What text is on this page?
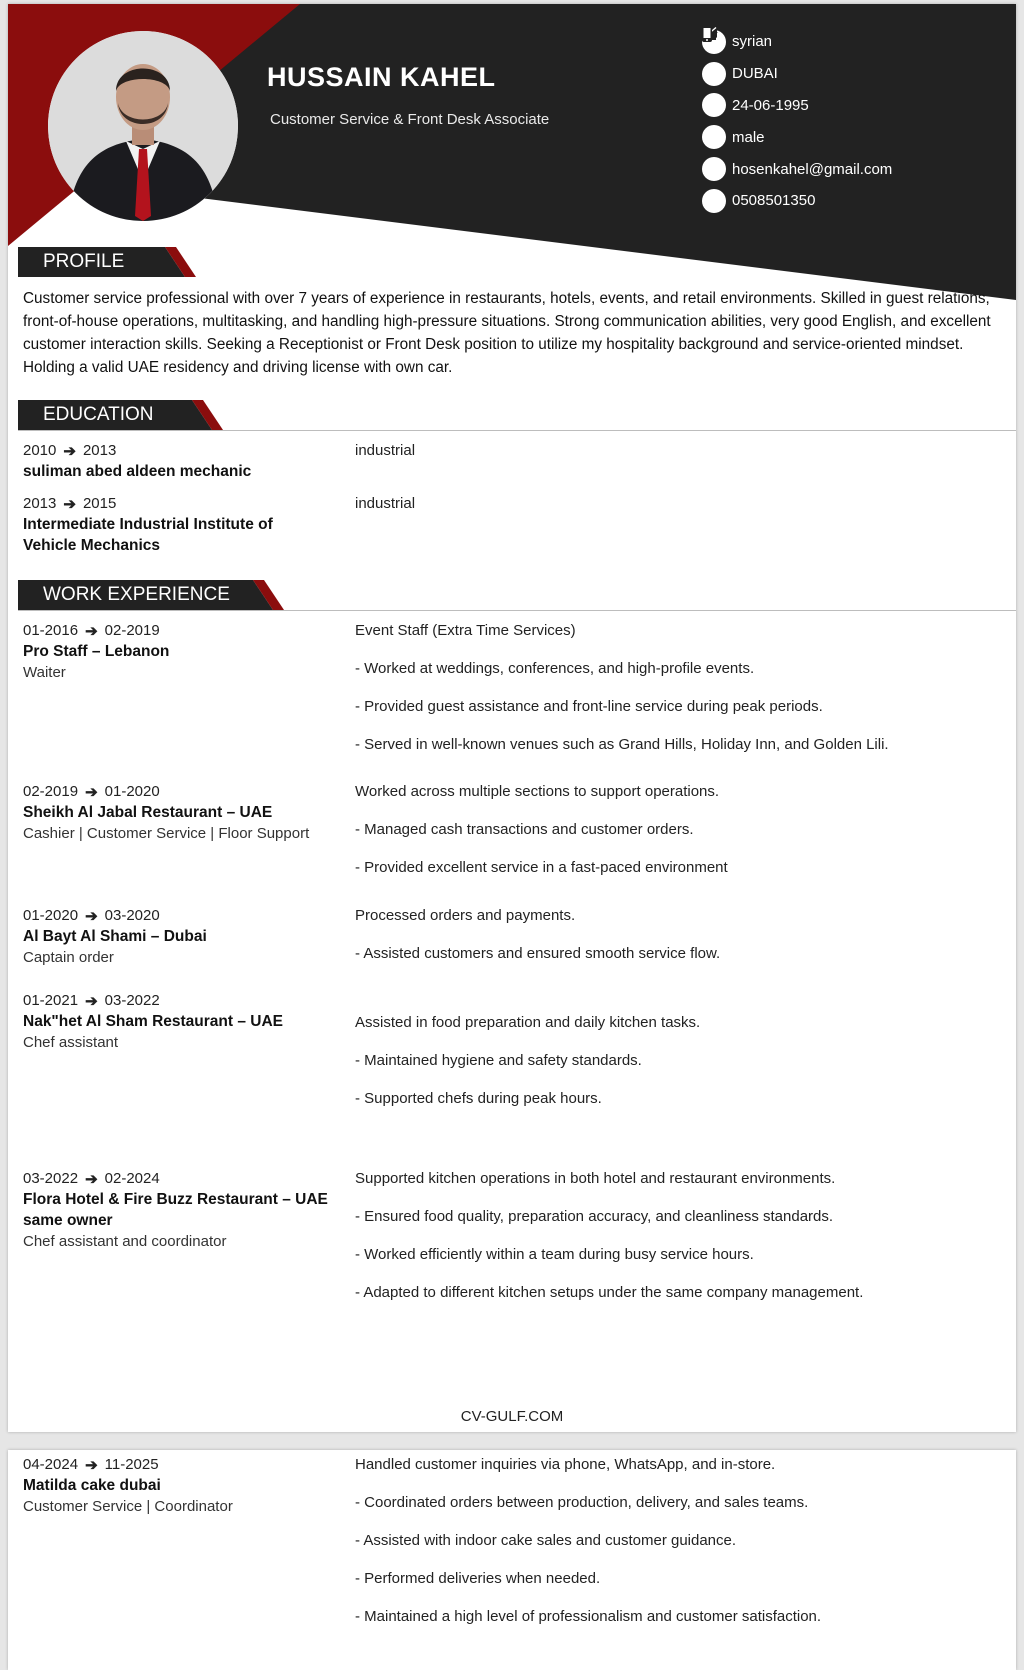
HUSSAIN KAHEL
Customer Service & Front Desk Associate
syrian
DUBAI
24-06-1995
male
hosenkahel@gmail.com
0508501350
PROFILE
Customer service professional with over 7 years of experience in restaurants, hotels, events, and retail environments. Skilled in guest relations, front-of-house operations, multitasking, and handling high-pressure situations. Strong communication abilities, very good English, and excellent customer interaction skills. Seeking a Receptionist or Front Desk position to utilize my hospitality background and service-oriented mindset. Holding a valid UAE residency and driving license with own car.
EDUCATION
2010 ➔ 2013
suliman abed aldeen mechanic
industrial
2013 ➔ 2015
Intermediate Industrial Institute of Vehicle Mechanics
industrial
WORK EXPERIENCE
01-2016 ➔ 02-2019
Pro Staff – Lebanon
Waiter
Event Staff (Extra Time Services)
- Worked at weddings, conferences, and high-profile events.
- Provided guest assistance and front-line service during peak periods.
- Served in well-known venues such as Grand Hills, Holiday Inn, and Golden Lili.
02-2019 ➔ 01-2020
Sheikh Al Jabal Restaurant – UAE
Cashier | Customer Service | Floor Support
Worked across multiple sections to support operations.
- Managed cash transactions and customer orders.
- Provided excellent service in a fast-paced environment
01-2020 ➔ 03-2020
Al Bayt Al Shami – Dubai
Captain order
Processed orders and payments.
- Assisted customers and ensured smooth service flow.
01-2021 ➔ 03-2022
Nak"het Al Sham Restaurant – UAE
Chef assistant
Assisted in food preparation and daily kitchen tasks.
- Maintained hygiene and safety standards.
- Supported chefs during peak hours.
03-2022 ➔ 02-2024
Flora Hotel & Fire Buzz Restaurant – UAE
same owner
Chef assistant and coordinator
Supported kitchen operations in both hotel and restaurant environments.
- Ensured food quality, preparation accuracy, and cleanliness standards.
- Worked efficiently within a team during busy service hours.
- Adapted to different kitchen setups under the same company management.
CV-GULF.COM
04-2024 ➔ 11-2025
Matilda cake dubai
Customer Service | Coordinator
Handled customer inquiries via phone, WhatsApp, and in-store.
- Coordinated orders between production, delivery, and sales teams.
- Assisted with indoor cake sales and customer guidance.
- Performed deliveries when needed.
- Maintained a high level of professionalism and customer satisfaction.
